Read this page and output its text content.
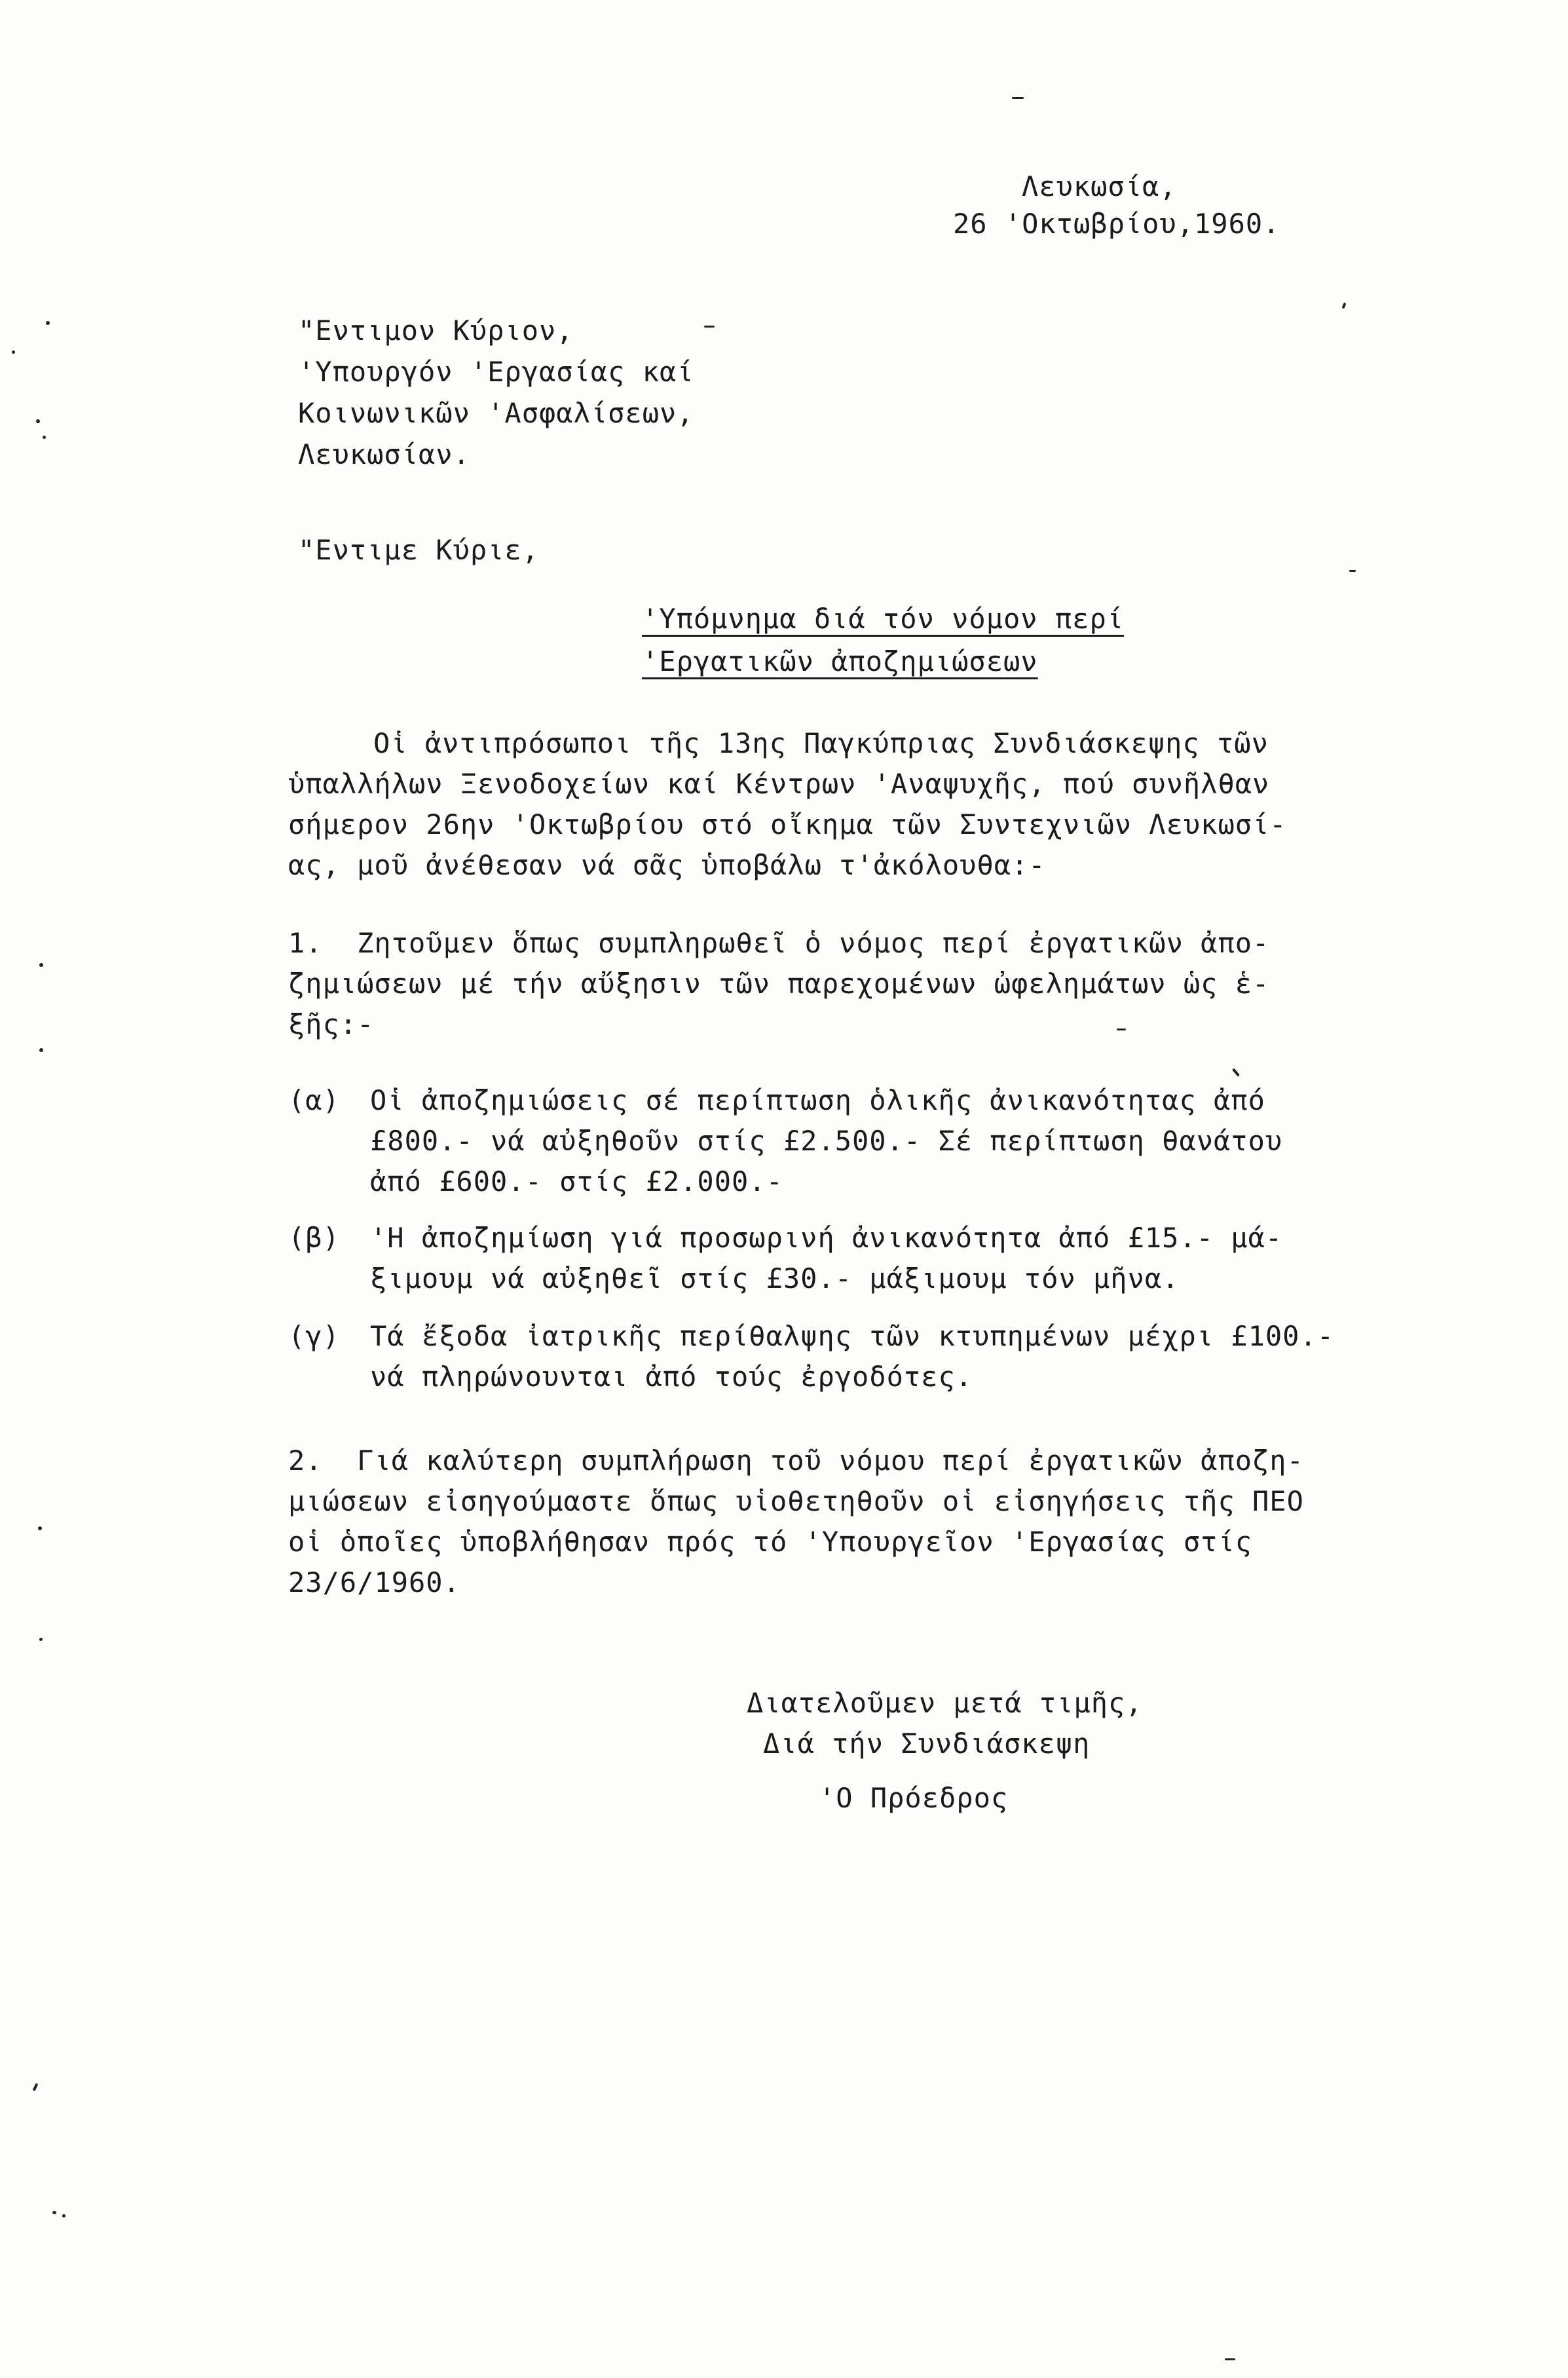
Λευκωσία,
26 'Οκτωβρίου,1960.
"Εντιμον Κύριον,
'Υπουργόν 'Εργασίας καί
Κοινωνικῶν 'Ασφαλίσεων,
Λευκωσίαν.
"Εντιμε Κύριε,
'Υπόμνημα διά τόν νόμον περί
'Εργατικῶν ἀποζημιώσεων
Οἱ ἀντιπρόσωποι τῆς 13ης Παγκύπριας Συνδιάσκεψης τῶν
ὑπαλλήλων Ξενοδοχείων καί Κέντρων 'Αναψυχῆς, πού συνῆλθαν
σήμερον 26ην 'Οκτωβρίου στό οἴκημα τῶν Συντεχνιῶν Λευκωσί-
ας, μοῦ ἀνέθεσαν νά σᾶς ὑποβάλω τ'ἀκόλουθα:-
1.  Ζητοῦμεν ὅπως συμπληρωθεῖ ὁ νόμος περί ἐργατικῶν ἀπο-
ζημιώσεων μέ τήν αὔξησιν τῶν παρεχομένων ὠφελημάτων ὡς ἑ-
ξῆς:-
(α) Οἱ ἀποζημιώσεις σέ περίπτωση ὁλικῆς ἀνικανότητας ἀπό
£800.- νά αὐξηθοῦν στίς £2.500.- Σέ περίπτωση θανάτου
ἀπό £600.- στίς £2.000.-
(β) 'Η ἀποζημίωση γιά προσωρινή ἀνικανότητα ἀπό £15.- μά-
ξιμουμ νά αὐξηθεῖ στίς £30.- μάξιμουμ τόν μῆνα.
(γ) Τά ἔξοδα ἰατρικῆς περίθαλψης τῶν κτυπημένων μέχρι £100.-
νά πληρώνουνται ἀπό τούς ἐργοδότες.
2.  Γιά καλύτερη συμπλήρωση τοῦ νόμου περί ἐργατικῶν ἀποζη-
μιώσεων εἰσηγούμαστε ὅπως υἱοθετηθοῦν οἱ εἰσηγήσεις τῆς ΠΕΟ
οἱ ὁποῖες ὑποβλήθησαν πρός τό 'Υπουργεῖον 'Εργασίας στίς
23/6/1960.
Διατελοῦμεν μετά τιμῆς,
Διά τήν Συνδιάσκεψη
'Ο Πρόεδρος
